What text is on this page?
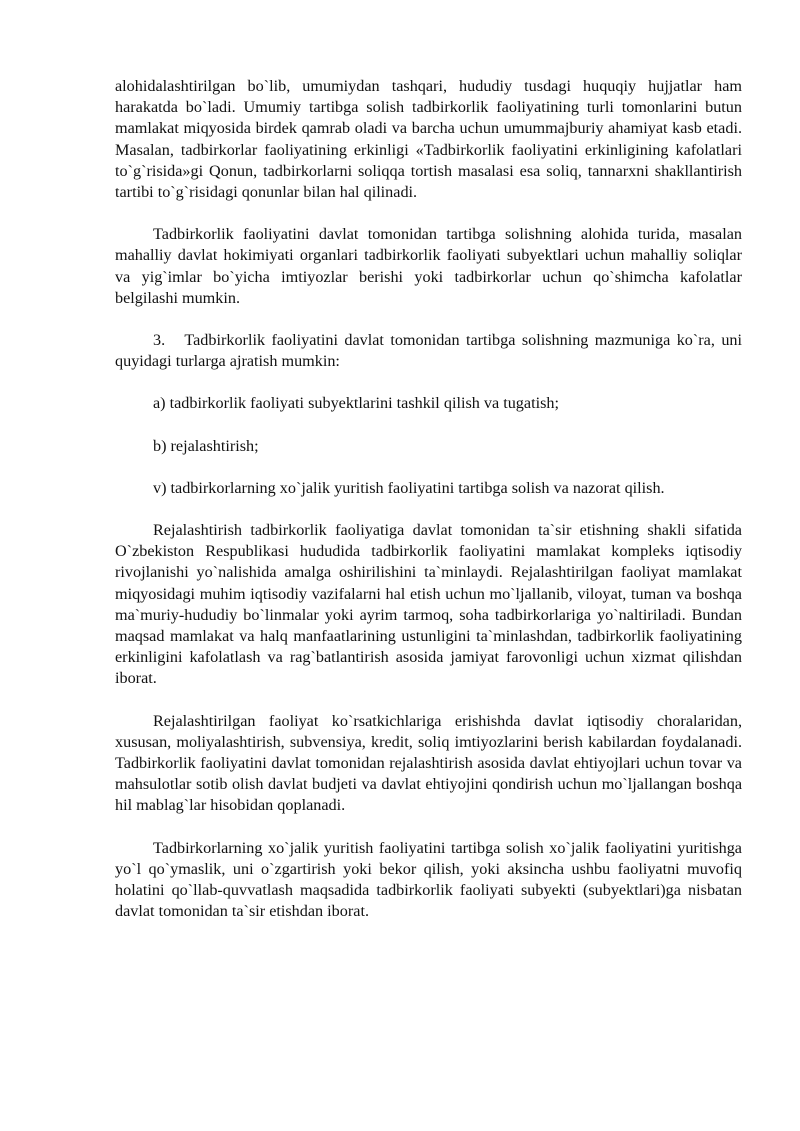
alohidalashtirilgan bo`lib, umumiydan tashqari, hududiy tusdagi huquqiy hujjatlar ham harakatda bo`ladi. Umumiy tartibga solish tadbirkorlik faoliyatining turli tomonlarini butun mamlakat miqyosida birdek qamrab oladi va barcha uchun umummajburiy ahamiyat kasb etadi. Masalan, tadbirkorlar faoliyatining erkinligi «Tadbirkorlik faoliyatini erkinligining kafolatlari to`g`risida»gi Qonun, tadbirkorlarni soliqqa tortish masalasi esa soliq, tannarxni shakllantirish tartibi to`g`risidagi qonunlar bilan hal qilinadi.

Tadbirkorlik faoliyatini davlat tomonidan tartibga solishning alohida turida, masalan mahalliy davlat hokimiyati organlari tadbirkorlik faoliyati subyektlari uchun mahalliy soliqlar va yig`imlar bo`yicha imtiyozlar berishi yoki tadbirkorlar uchun qo`shimcha kafolatlar belgilashi mumkin.

3.   Tadbirkorlik faoliyatini davlat tomonidan tartibga solishning mazmuniga ko`ra, uni quyidagi turlarga ajratish mumkin:

a) tadbirkorlik faoliyati subyektlarini tashkil qilish va tugatish;

b) rejalashtirish;

v) tadbirkorlarning xo`jalik yuritish faoliyatini tartibga solish va nazorat qilish.

Rejalashtirish tadbirkorlik faoliyatiga davlat tomonidan ta`sir etishning shakli sifatida O`zbekiston Respublikasi hududida tadbirkorlik faoliyatini mamlakat kompleks iqtisodiy rivojlanishi yo`nalishida amalga oshirilishini ta`minlaydi. Rejalashtirilgan faoliyat mamlakat miqyosidagi muhim iqtisodiy vazifalarni hal etish uchun mo`ljallanib, viloyat, tuman va boshqa ma`muriy-hududiy bo`linmalar yoki ayrim tarmoq, soha tadbirkorlariga yo`naltiriladi. Bundan maqsad mamlakat va halq manfaatlarining ustunligini ta`minlashdan, tadbirkorlik faoliyatining erkinligini kafolatlash va rag`batlantirish asosida jamiyat farovonligi uchun xizmat qilishdan iborat.

Rejalashtirilgan faoliyat ko`rsatkichlariga erishishda davlat iqtisodiy choralaridan, xususan, moliyalashtirish, subvensiya, kredit, soliq imtiyozlarini berish kabilardan foydalanadi. Tadbirkorlik faoliyatini davlat tomonidan rejalashtirish asosida davlat ehtiyojlari uchun tovar va mahsulotlar sotib olish davlat budjeti va davlat ehtiyojini qondirish uchun mo`ljallangan boshqa hil mablag`lar hisobidan qoplanadi.

Tadbirkorlarning xo`jalik yuritish faoliyatini tartibga solish xo`jalik faoliyatini yuritishga yo`l qo`ymaslik, uni o`zgartirish yoki bekor qilish, yoki aksincha ushbu faoliyatni muvofiq holatini qo`llab-quvvatlash maqsadida tadbirkorlik faoliyati subyekti (subyektlari)ga nisbatan davlat tomonidan ta`sir etishdan iborat.
